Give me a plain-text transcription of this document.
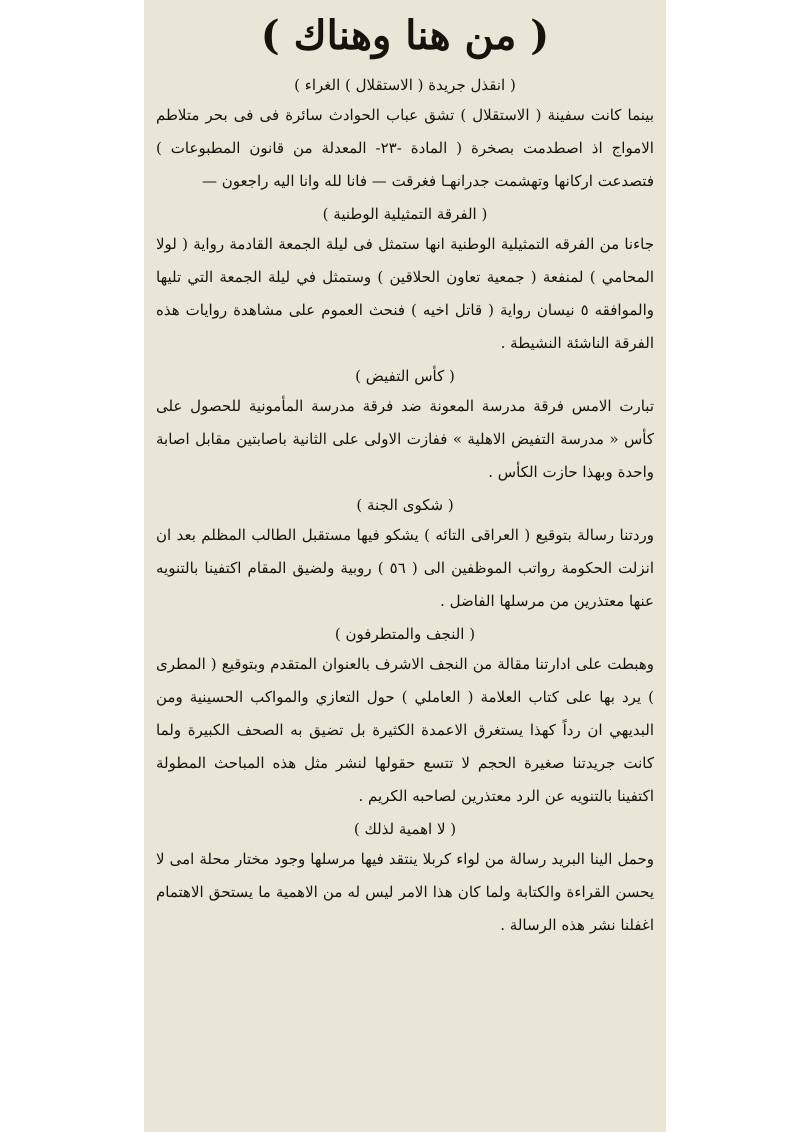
( من هنا وهناك )
( انقذل جريدة ( الاستقلال ) الغراء )

بينما كانت سفينة ( الاستقلال ) تشق عباب الحوادث سائرة فى فى بحر متلاطم الامواج اذ اصطدمت بصخرة ( المادة -٢٣- المعدلة من قانون المطبوعات ) فتصدعت اركانها وتهشمت جدرانهـا فغرقت — فانا لله وانا اليه راجعون —

( الفرقة التمثيلية الوطنية )

جاءنا من الفرقه التمثيلية الوطنية انها ستمثل فى ليلة الجمعة القادمة رواية ( لولا المحامي ) لمنفعة ( جمعية تعاون الحلاقين ) وستمثل في ليلة الجمعة التي تليها والموافقه ٥ نيسان رواية ( قاتل اخيه ) فنحث العموم على مشاهدة روايات هذه الفرقة الناشئة النشيطة .

( كأس التفيض )

تبارت الامس فرقة مدرسة المعونة ضد فرقة مدرسة المأمونية للحصول على كأس « مدرسة التفيض الاهلية » ففازت الاولى على الثانية باصابتين مقابل اصابة واحدة وبهذا حازت الكأس .

( شكوى الجنة )

وردتنا رسالة بتوقيع ( العراقى التائه ) يشكو فيها مستقبل الطالب المظلم بعد ان انزلت الحكومة رواتب الموظفين الى ( ٥٦ ) روبية ولضيق المقام اكتفينا بالتنويه عنها معتذرين من مرسلها الفاضل .

( النجف والمتطرفون )

وهبطت على ادارتنا مقالة من النجف الاشرف بالعنوان المتقدم وبتوقيع ( المطرى ) يرد بها على كتاب العلامة ( العاملي ) حول التعازي والمواكب الحسينية ومن البديهي ان رداً كهذا يستغرق الاعمدة الكثيرة بل تضيق به الصحف الكبيرة ولما كانت جريدتنا صغيرة الحجم لا تتسع حقولها لنشر مثل هذه المباحث المطولة اكتفينا بالتنويه عن الرد معتذرين لصاحبه الكريم .

( لا اهمية لذلك )

وحمل الينا البريد رسالة من لواء كربلا ينتقد فيها مرسلها وجود مختار محلة امى لا يحسن القراءة والكتابة ولما كان هذا الامر ليس له من الاهمية ما يستحق الاهتمام اغفلنا نشر هذه الرسالة .
